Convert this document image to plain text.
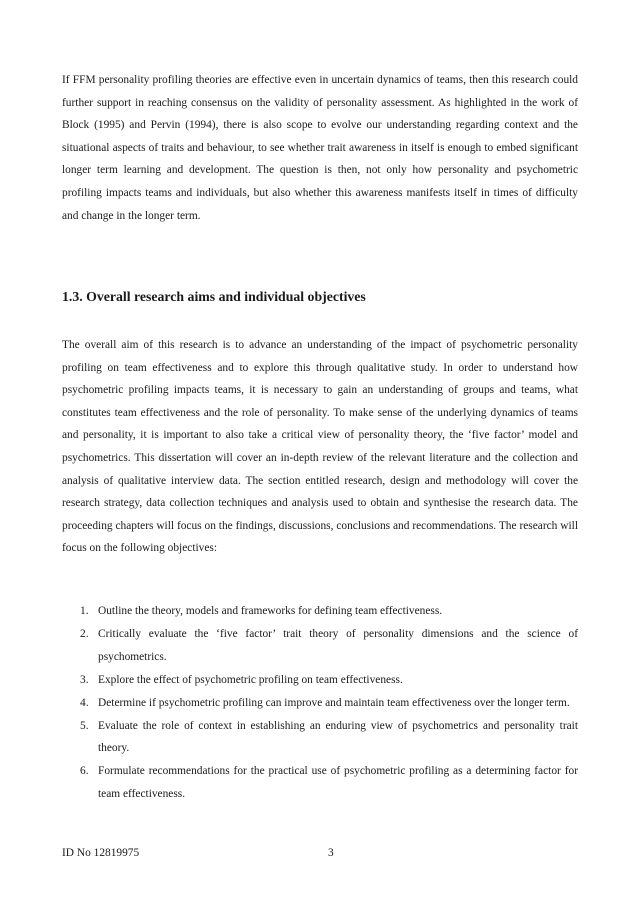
If FFM personality profiling theories are effective even in uncertain dynamics of teams, then this research could further support in reaching consensus on the validity of personality assessment. As highlighted in the work of Block (1995) and Pervin (1994), there is also scope to evolve our understanding regarding context and the situational aspects of traits and behaviour, to see whether trait awareness in itself is enough to embed significant longer term learning and development. The question is then, not only how personality and psychometric profiling impacts teams and individuals, but also whether this awareness manifests itself in times of difficulty and change in the longer term.

1.3. Overall research aims and individual objectives

The overall aim of this research is to advance an understanding of the impact of psychometric personality profiling on team effectiveness and to explore this through qualitative study. In order to understand how psychometric profiling impacts teams, it is necessary to gain an understanding of groups and teams, what constitutes team effectiveness and the role of personality. To make sense of the underlying dynamics of teams and personality, it is important to also take a critical view of personality theory, the ‘five factor’ model and psychometrics. This dissertation will cover an in-depth review of the relevant literature and the collection and analysis of qualitative interview data. The section entitled research, design and methodology will cover the research strategy, data collection techniques and analysis used to obtain and synthesise the research data. The proceeding chapters will focus on the findings, discussions, conclusions and recommendations. The research will focus on the following objectives:

1. Outline the theory, models and frameworks for defining team effectiveness.
2. Critically evaluate the ‘five factor’ trait theory of personality dimensions and the science of psychometrics.
3. Explore the effect of psychometric profiling on team effectiveness.
4. Determine if psychometric profiling can improve and maintain team effectiveness over the longer term.
5. Evaluate the role of context in establishing an enduring view of psychometrics and personality trait theory.
6. Formulate recommendations for the practical use of psychometric profiling as a determining factor for team effectiveness.
ID No 12819975	3
